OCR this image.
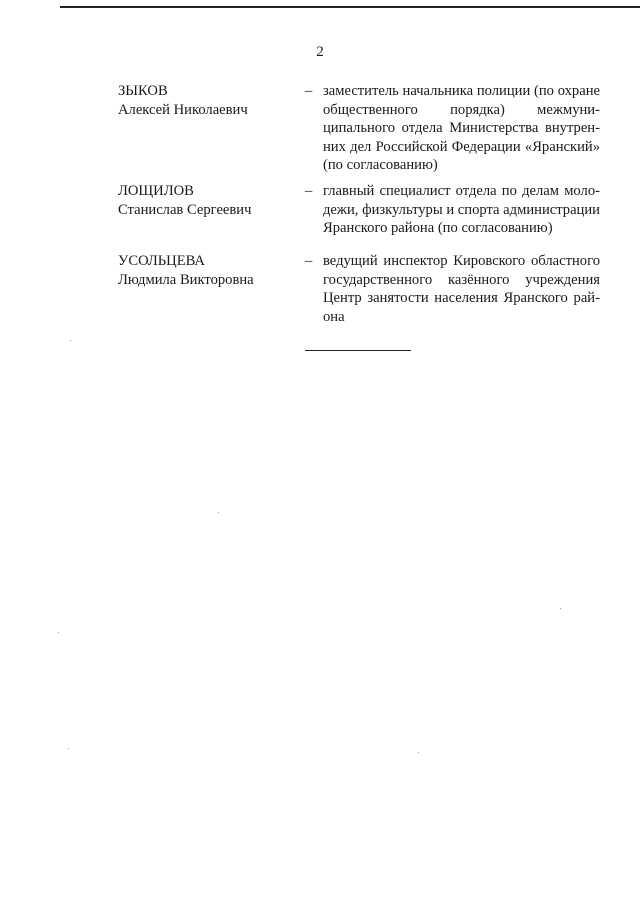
2
ЗЫКОВ
Алексей Николаевич
– заместитель начальника полиции (по охране общественного порядка) межмуниципального отдела Министерства внутренних дел Российской Федерации «Яранский» (по согласованию)
ЛОЩИЛОВ
Станислав Сергеевич
– главный специалист отдела по делам молодежи, физкультуры и спорта администрации Яранского района (по согласованию)
УСОЛЬЦЕВА
Людмила Викторовна
– ведущий инспектор Кировского областного государственного казённого учреждения Центр занятости населения Яранского района
